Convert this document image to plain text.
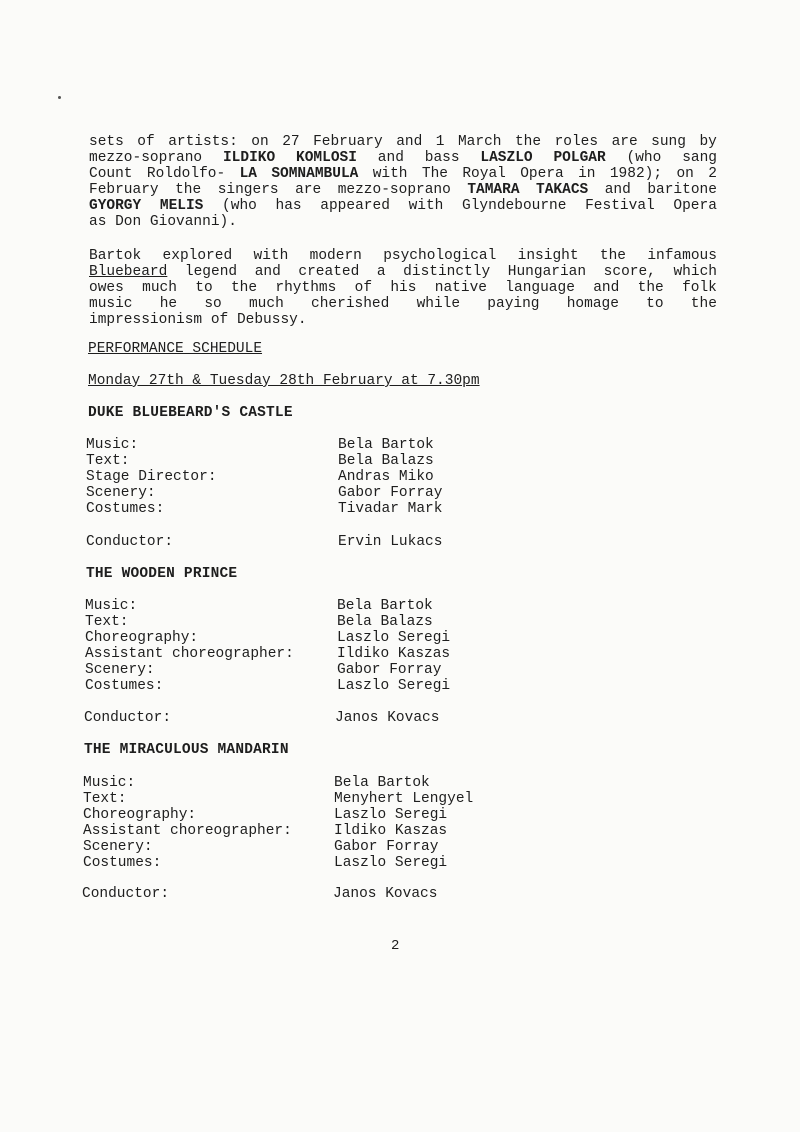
sets of artists: on 27 February and 1 March the roles are sung by
mezzo-soprano ILDIKO KOMLOSI and bass LASZLO POLGAR (who sang
Count Roldolfo- LA SOMNAMBULA with The Royal Opera in 1982); on 2
February the singers are mezzo-soprano TAMARA TAKACS and baritone
GYORGY MELIS (who has appeared with Glyndebourne Festival Opera
as Don Giovanni).
Bartok explored with modern psychological insight the infamous
Bluebeard legend and created a distinctly Hungarian score, which
owes much to the rhythms of his native language and the folk
music he so much cherished while paying homage to the
impressionism of Debussy.
PERFORMANCE SCHEDULE
Monday 27th & Tuesday 28th February at 7.30pm
DUKE BLUEBEARD'S CASTLE
Music:	Bela Bartok
Text:	Bela Balazs
Stage Director:	Andras Miko
Scenery:	Gabor Forray
Costumes:	Tivadar Mark
Conductor:	Ervin Lukacs
THE WOODEN PRINCE
Music:	Bela Bartok
Text:	Bela Balazs
Choreography:	Laszlo Seregi
Assistant choreographer:	Ildiko Kaszas
Scenery:	Gabor Forray
Costumes:	Laszlo Seregi
Conductor:	Janos Kovacs
THE MIRACULOUS MANDARIN
Music:	Bela Bartok
Text:	Menyhert Lengyel
Choreography:	Laszlo Seregi
Assistant choreographer:	Ildiko Kaszas
Scenery:	Gabor Forray
Costumes:	Laszlo Seregi
Conductor:	Janos Kovacs
2
